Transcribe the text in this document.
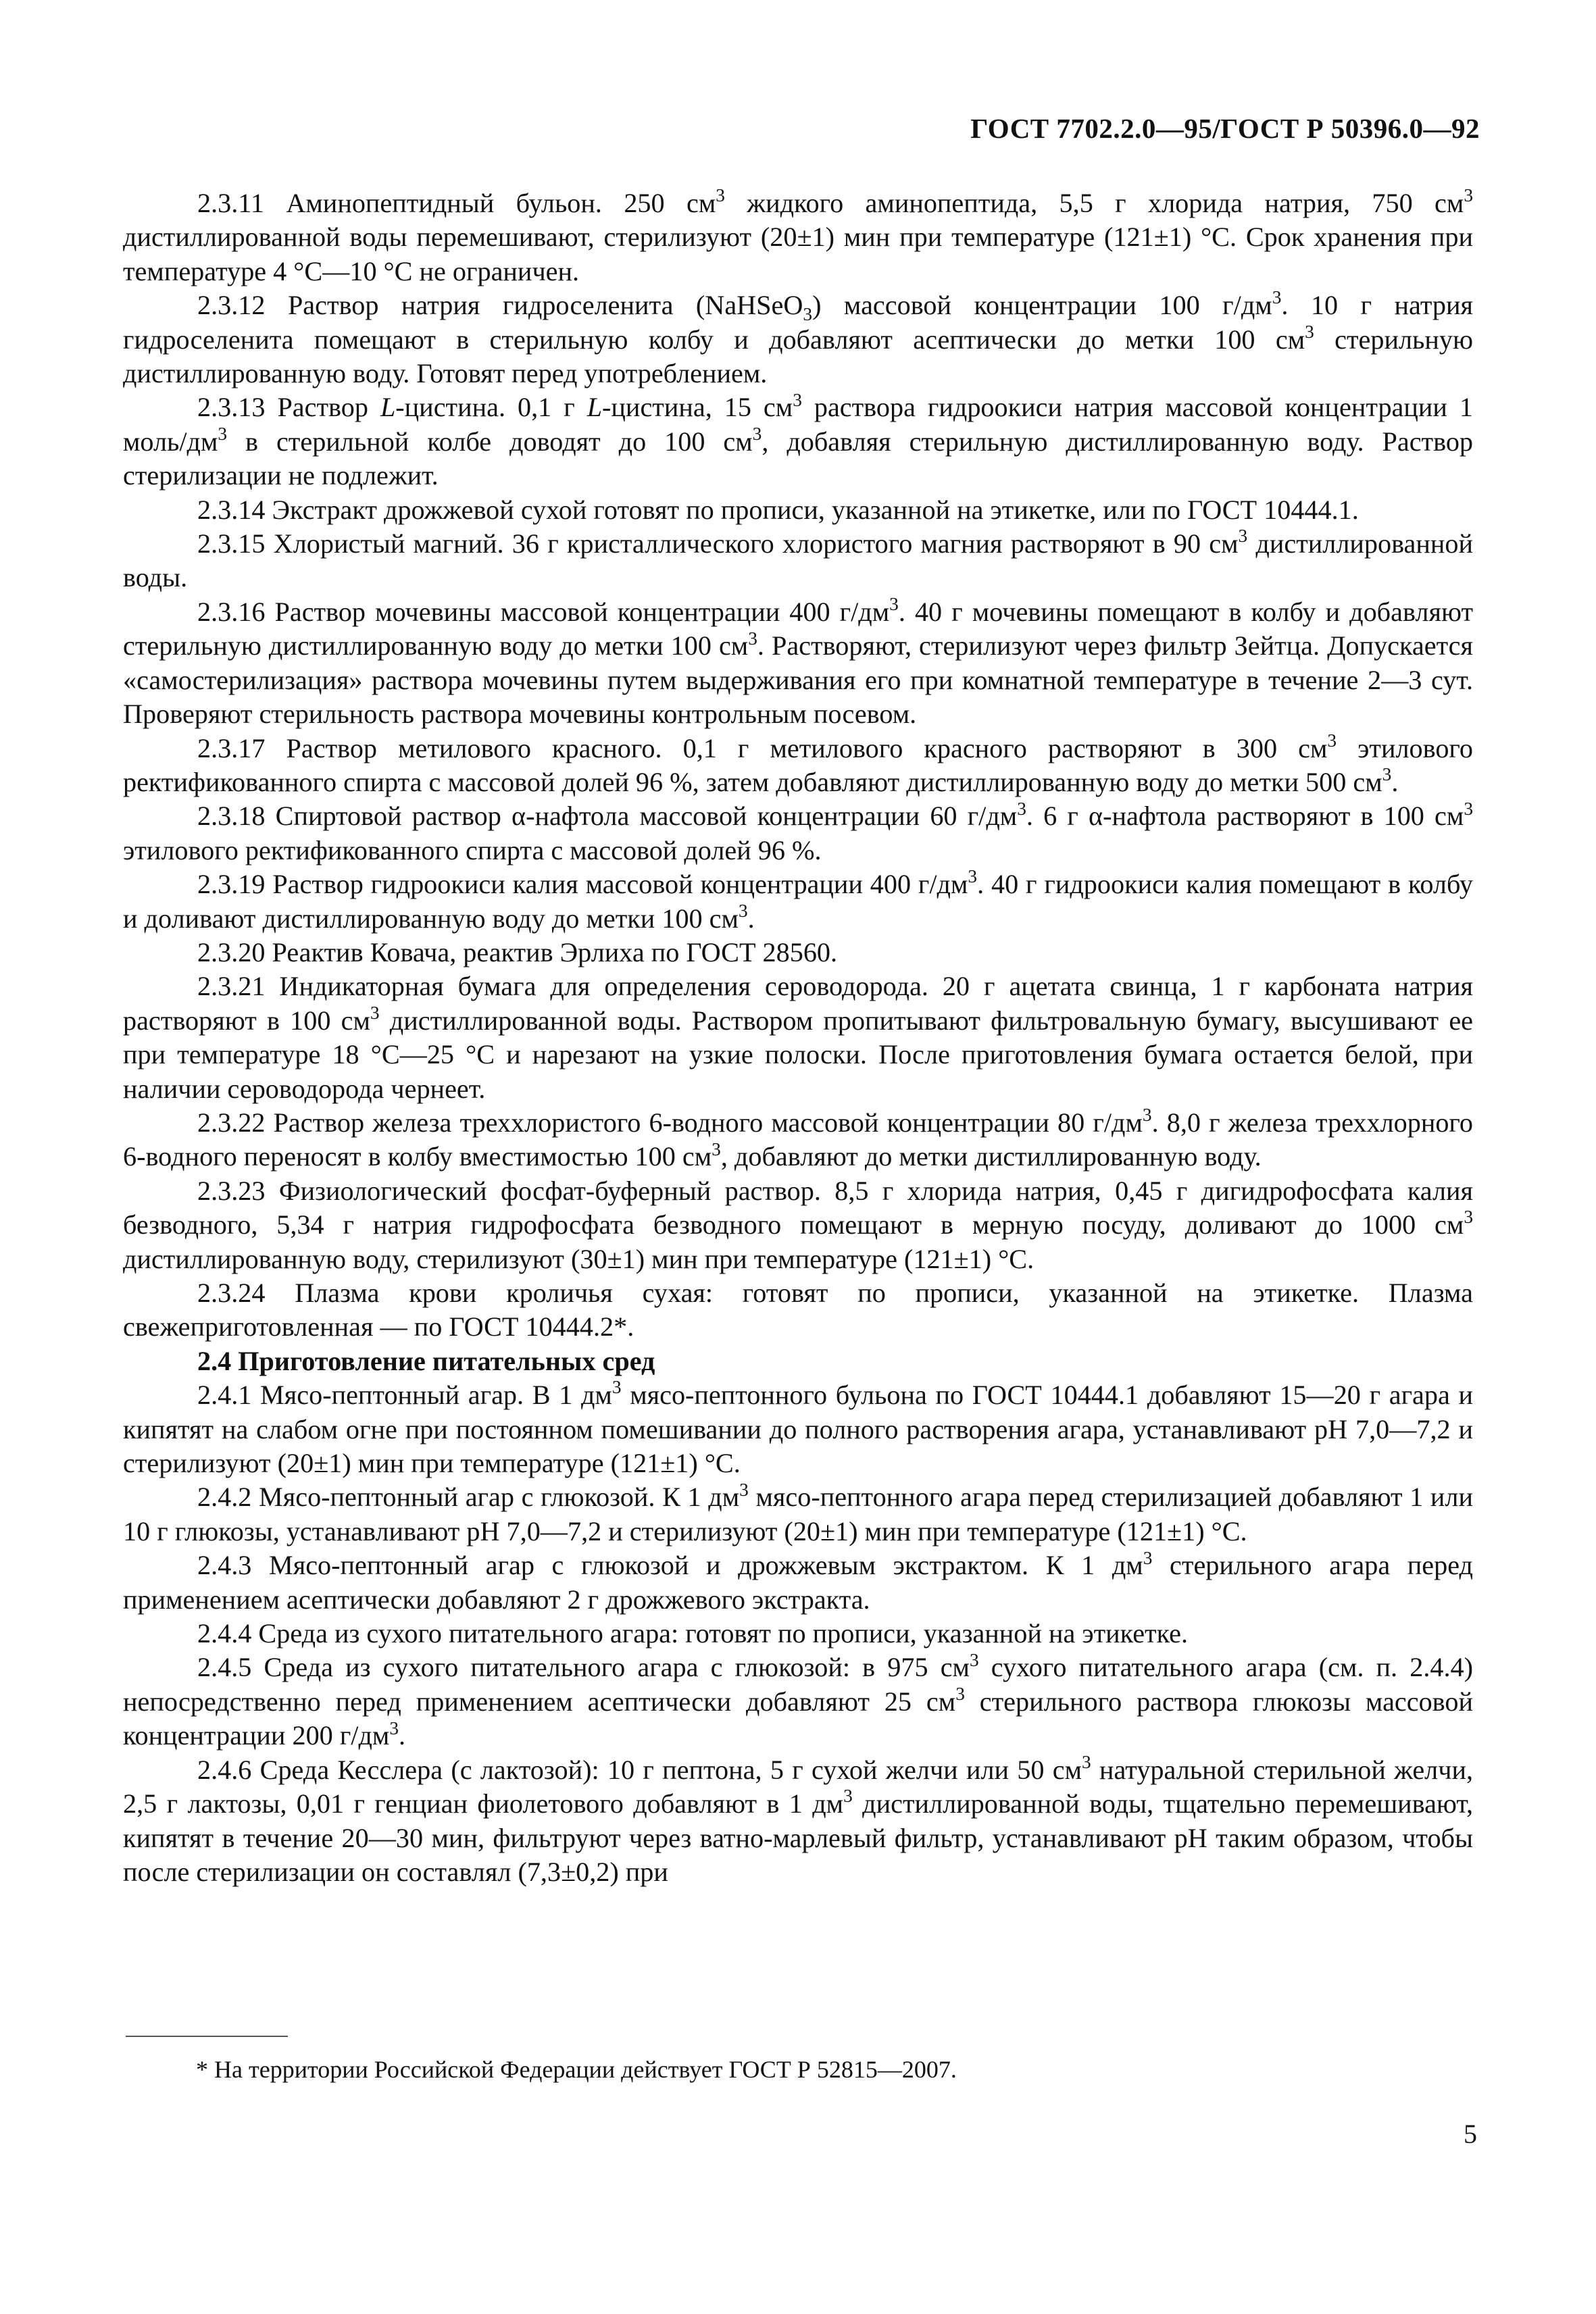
ГОСТ 7702.2.0—95/ГОСТ Р 50396.0—92

2.3.11 Аминопептидный бульон. 250 $см^3$ жидкого аминопептида, 5,5 г хлорида натрия, 750 $см^3$ дистиллированной воды перемешивают, стерилизуют (20±1) мин при температуре (121±1) °С. Срок хранения при температуре 4 °С—10 °С не ограничен.

2.3.12 Раствор натрия гидроселенита (NaHSeO$_3$) массовой концентрации 100 $г/дм^3$. 10 г натрия гидроселенита помещают в стерильную колбу и добавляют асептически до метки 100 $см^3$ стерильную дистиллированную воду. Готовят перед употреблением.

2.3.13 Раствор L-цистина. 0,1 г L-цистина, 15 $см^3$ раствора гидроокиси натрия массовой концентрации 1 моль/$дм^3$ в стерильной колбе доводят до 100 $см^3$, добавляя стерильную дистиллированную воду. Раствор стерилизации не подлежит.

2.3.14 Экстракт дрожжевой сухой готовят по прописи, указанной на этикетке, или по ГОСТ 10444.1.

2.3.15 Хлористый магний. 36 г кристаллического хлористого магния растворяют в 90 $см^3$ дистиллированной воды.

2.3.16 Раствор мочевины массовой концентрации 400 $г/дм^3$. 40 г мочевины помещают в колбу и добавляют стерильную дистиллированную воду до метки 100 $см^3$. Растворяют, стерилизуют через фильтр Зейтца. Допускается «самостерилизация» раствора мочевины путем выдерживания его при комнатной температуре в течение 2—3 сут. Проверяют стерильность раствора мочевины контрольным посевом.

2.3.17 Раствор метилового красного. 0,1 г метилового красного растворяют в 300 $см^3$ этилового ректификованного спирта с массовой долей 96 %, затем добавляют дистиллированную воду до метки 500 $см^3$.

2.3.18 Спиртовой раствор α-нафтола массовой концентрации 60 $г/дм^3$. 6 г α-нафтола растворяют в 100 $см^3$ этилового ректификованного спирта с массовой долей 96 %.

2.3.19 Раствор гидроокиси калия массовой концентрации 400 $г/дм^3$. 40 г гидроокиси калия помещают в колбу и доливают дистиллированную воду до метки 100 $см^3$.

2.3.20 Реактив Ковача, реактив Эрлиха по ГОСТ 28560.

2.3.21 Индикаторная бумага для определения сероводорода. 20 г ацетата свинца, 1 г карбоната натрия растворяют в 100 $см^3$ дистиллированной воды. Раствором пропитывают фильтровальную бумагу, высушивают ее при температуре 18 °С—25 °С и нарезают на узкие полоски. После приготовления бумага остается белой, при наличии сероводорода чернеет.

2.3.22 Раствор железа треххлористого 6-водного массовой концентрации 80 $г/дм^3$. 8,0 г железа треххлорного 6-водного переносят в колбу вместимостью 100 $см^3$, добавляют до метки дистиллированную воду.

2.3.23 Физиологический фосфат-буферный раствор. 8,5 г хлорида натрия, 0,45 г дигидрофосфата калия безводного, 5,34 г натрия гидрофосфата безводного помещают в мерную посуду, доливают до 1000 $см^3$ дистиллированную воду, стерилизуют (30±1) мин при температуре (121±1) °С.

2.3.24 Плазма крови кроличья сухая: готовят по прописи, указанной на этикетке. Плазма свежеприготовленная — по ГОСТ 10444.2*.

2.4 Приготовление питательных сред

2.4.1 Мясо-пептонный агар. В 1 $дм^3$ мясо-пептонного бульона по ГОСТ 10444.1 добавляют 15—20 г агара и кипятят на слабом огне при постоянном помешивании до полного растворения агара, устанавливают pH 7,0—7,2 и стерилизуют (20±1) мин при температуре (121±1) °С.

2.4.2 Мясо-пептонный агар с глюкозой. К 1 $дм^3$ мясо-пептонного агара перед стерилизацией добавляют 1 или 10 г глюкозы, устанавливают pH 7,0—7,2 и стерилизуют (20±1) мин при температуре (121±1) °С.

2.4.3 Мясо-пептонный агар с глюкозой и дрожжевым экстрактом. К 1 $дм^3$ стерильного агара перед применением асептически добавляют 2 г дрожжевого экстракта.

2.4.4 Среда из сухого питательного агара: готовят по прописи, указанной на этикетке.

2.4.5 Среда из сухого питательного агара с глюкозой: в 975 $см^3$ сухого питательного агара (см. п. 2.4.4) непосредственно перед применением асептически добавляют 25 $см^3$ стерильного раствора глюкозы массовой концентрации 200 $г/дм^3$.

2.4.6 Среда Кесслера (с лактозой): 10 г пептона, 5 г сухой желчи или 50 $см^3$ натуральной стерильной желчи, 2,5 г лактозы, 0,01 г генциан фиолетового добавляют в 1 $дм^3$ дистиллированной воды, тщательно перемешивают, кипятят в течение 20—30 мин, фильтруют через ватно-марлевый фильтр, устанавливают pH таким образом, чтобы после стерилизации он составлял (7,3±0,2) при

* На территории Российской Федерации действует ГОСТ Р 52815—2007.
5
